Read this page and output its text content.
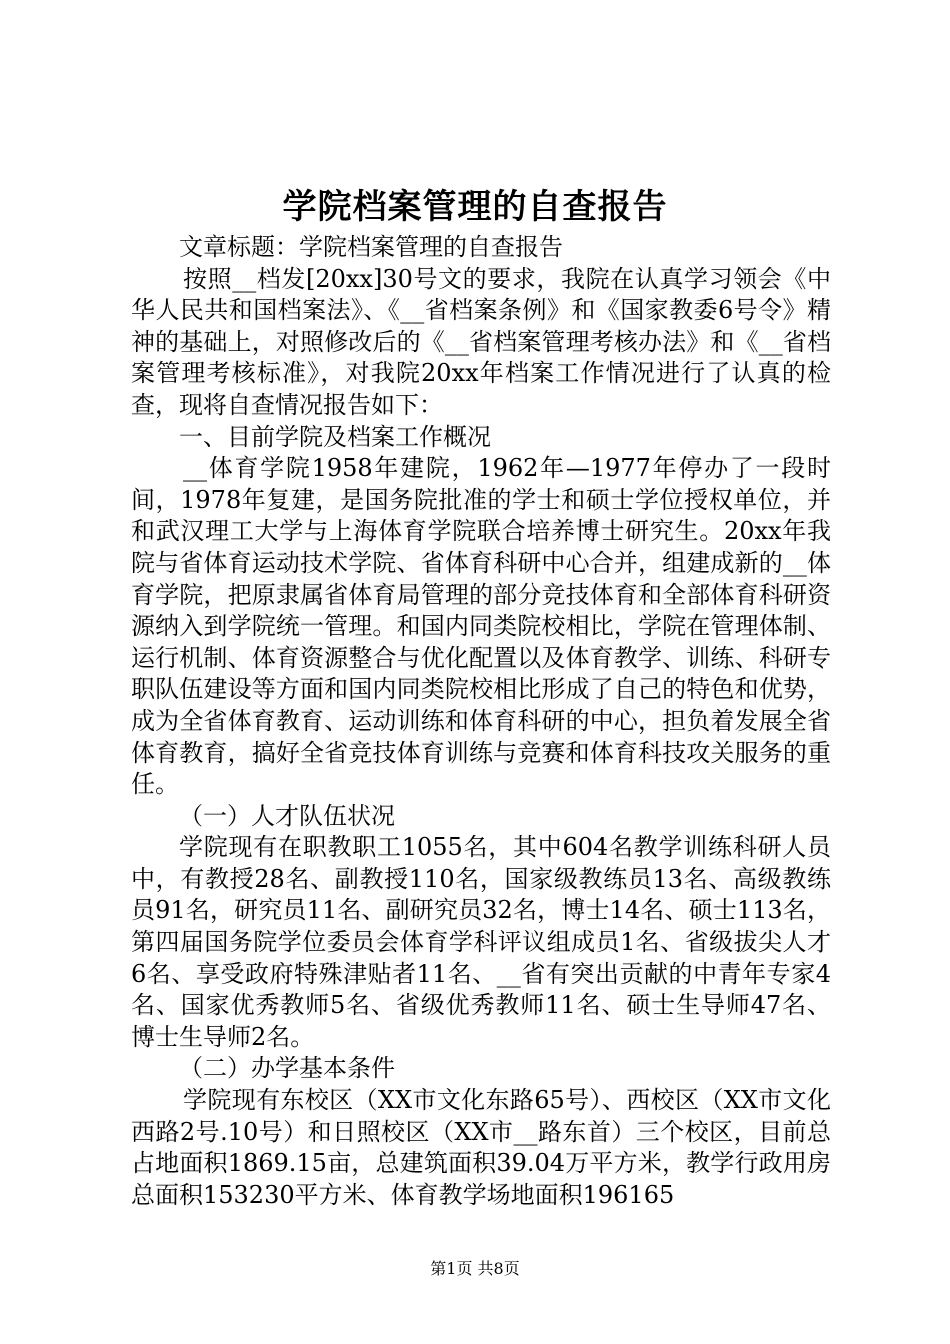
学院档案管理的自查报告

文章标题：学院档案管理的自查报告

按照__档发[20xx]30号文的要求，我院在认真学习领会《中华人民共和国档案法》、《__省档案条例》和《国家教委6号令》精神的基础上，对照修改后的《__省档案管理考核办法》和《__省档案管理考核标准》，对我院20xx年档案工作情况进行了认真的检查，现将自查情况报告如下：

一、目前学院及档案工作概况

__体育学院1958年建院，1962年—1977年停办了一段时间，1978年复建，是国务院批准的学士和硕士学位授权单位，并和武汉理工大学与上海体育学院联合培养博士研究生。20xx年我院与省体育运动技术学院、省体育科研中心合并，组建成新的__体育学院，把原隶属省体育局管理的部分竞技体育和全部体育科研资源纳入到学院统一管理。和国内同类院校相比，学院在管理体制、运行机制、体育资源整合与优化配置以及体育教学、训练、科研专职队伍建设等方面和国内同类院校相比形成了自己的特色和优势，成为全省体育教育、运动训练和体育科研的中心，担负着发展全省体育教育，搞好全省竞技体育训练与竞赛和体育科技攻关服务的重任。

（一）人才队伍状况

学院现有在职教职工1055名，其中604名教学训练科研人员中，有教授28名、副教授110名，国家级教练员13名、高级教练员91名，研究员11名、副研究员32名，博士14名、硕士113名，第四届国务院学位委员会体育学科评议组成员1名、省级拔尖人才6名、享受政府特殊津贴者11名、__省有突出贡献的中青年专家4名、国家优秀教师5名、省级优秀教师11名、硕士生导师47名、博士生导师2名。

（二）办学基本条件

学院现有东校区（XX市文化东路65号）、西校区（XX市文化西路2号.10号）和日照校区（XX市__路东首）三个校区，目前总占地面积1869.15亩，总建筑面积39.04万平方米，教学行政用房总面积153230平方米、体育教学场地面积196165

第1页 共8页
